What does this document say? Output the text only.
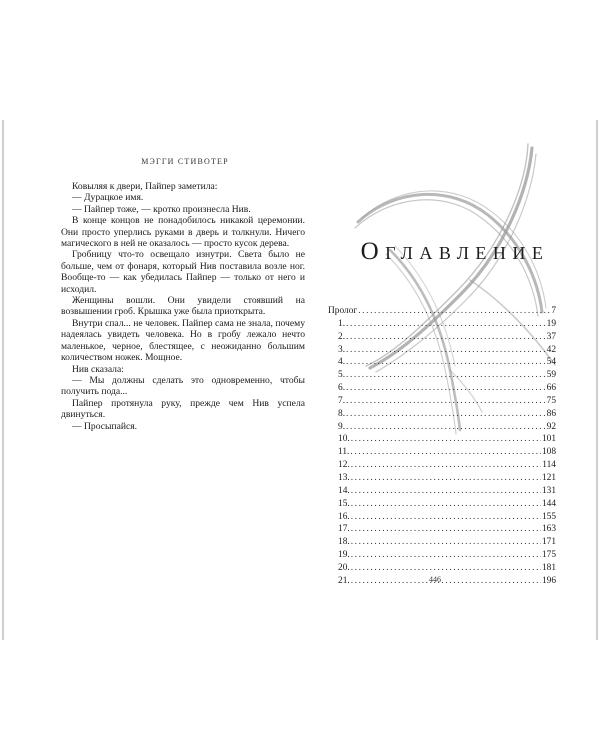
МЭГГИ СТИВОТЕР

Ковыляя к двери, Пайпер заметила:

— Дурацкое имя.

— Пайпер тоже, — кротко произнесла Нив.

В конце концов не понадобилось никакой церемонии. Они просто уперлись руками в дверь и толкнули. Ничего магического в ней не оказалось — просто кусок дерева.

Гробницу что-то освещало изнутри. Света было не больше, чем от фонаря, который Нив поставила возле ног. Вообще-то — как убедилась Пайпер — только от него и исходил.

Женщины вошли. Они увидели стоявший на возвышении гроб. Крышка уже была приоткрыта.

Внутри спал... не человек. Пайпер сама не знала, почему надеялась увидеть человека. Но в гробу лежало нечто маленькое, черное, блестящее, с неожиданно большим количеством ножек. Мощное.

Нив сказала:

— Мы должны сделать это одновременно, чтобы получить пода...

Пайпер протянула руку, прежде чем Нив успела двинуться.

— Просыпайся.

Оглавление
Пролог .....	7
1. .....	19
2. .....	37
3. .....	42
4. .....	54
5. .....	59
6. .....	66
7. .....	75
8. .....	86
9. .....	92
10. .....	101
11. .....	108
12. .....	114
13. .....	121
14. .....	131
15. .....	144
16. .....	155
17. .....	163
18. .....	171
19. .....	175
20. .....	181
21. .....	196
446
